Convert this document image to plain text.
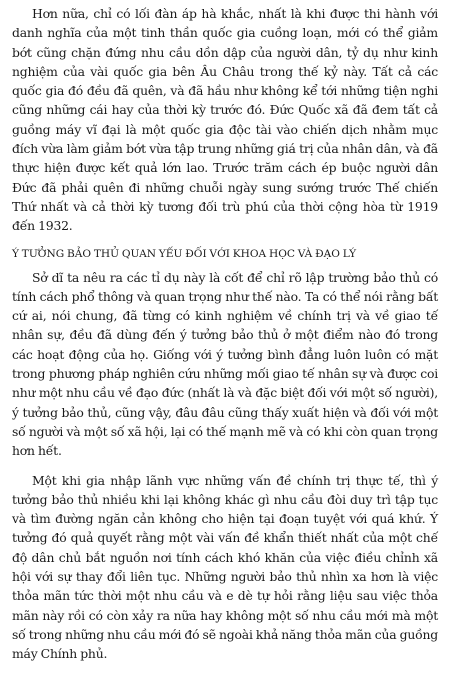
Hơn nữa, chỉ có lối đàn áp hà khắc, nhất là khi được thi hành với danh nghĩa của một tinh thần quốc gia cuồng loạn, mới có thể giảm bớt cũng chặn đứng nhu cầu dồn dập của người dân, tỷ dụ như kinh nghiệm của vài quốc gia bên Âu Châu trong thế kỷ này. Tất cả các quốc gia đó đều đã quên, và đã hầu như không kể tới những tiện nghi cũng những cái hay của thời kỳ trước đó. Đức Quốc xã đã đem tất cả guồng máy vĩ đại là một quốc gia độc tài vào chiến dịch nhằm mục đích vừa làm giảm bớt vừa tập trung những giá trị của nhân dân, và đã thực hiện được kết quả lớn lao. Trước trăm cách ép buộc người dân Đức đã phải quên đi những chuỗi ngày sung sướng trước Thế chiến Thứ nhất và cả thời kỳ tương đối trù phú của thời cộng hòa từ 1919 đến 1932.

Ý TƯỞNG BẢO THỦ QUAN YẾU ĐỐI VỚI KHOA HỌC VÀ ĐẠO LÝ

Sở dĩ ta nêu ra các tỉ dụ này là cốt để chỉ rõ lập trường bảo thủ có tính cách phổ thông và quan trọng như thế nào. Ta có thể nói rằng bất cứ ai, nói chung, đã từng có kinh nghiệm về chính trị và về giao tế nhân sự, đều đã dùng đến ý tưởng bảo thủ ở một điểm nào đó trong các hoạt động của họ. Giống với ý tưởng bình đẳng luôn luôn có mặt trong phương pháp nghiên cứu những mối giao tế nhân sự và được coi như một nhu cầu về đạo đức (nhất là và đặc biệt đối với một số người), ý tưởng bảo thủ, cũng vậy, đâu đâu cũng thấy xuất hiện và đối với một số người và một số xã hội, lại có thế mạnh mẽ và có khi còn quan trọng hơn hết.

Một khi gia nhập lãnh vực những vấn đề chính trị thực tế, thì ý tưởng bảo thủ nhiều khi lại không khác gì nhu cầu đòi duy trì tập tục và tìm đường ngăn cản không cho hiện tại đoạn tuyệt với quá khứ. Ý tưởng đó quả quyết rằng một vài vấn đề khẩn thiết nhất của một chế độ dân chủ bắt nguồn nơi tính cách khó khăn của việc điều chỉnh xã hội với sự thay đổi liên tục. Những người bảo thủ nhìn xa hơn là việc thỏa mãn tức thời một nhu cầu và e dè tự hỏi rằng liệu sau việc thỏa mãn này rồi có còn xảy ra nữa hay không một số nhu cầu mới mà một số trong những nhu cầu mới đó sẽ ngoài khả năng thỏa mãn của guồng máy Chính phủ.
